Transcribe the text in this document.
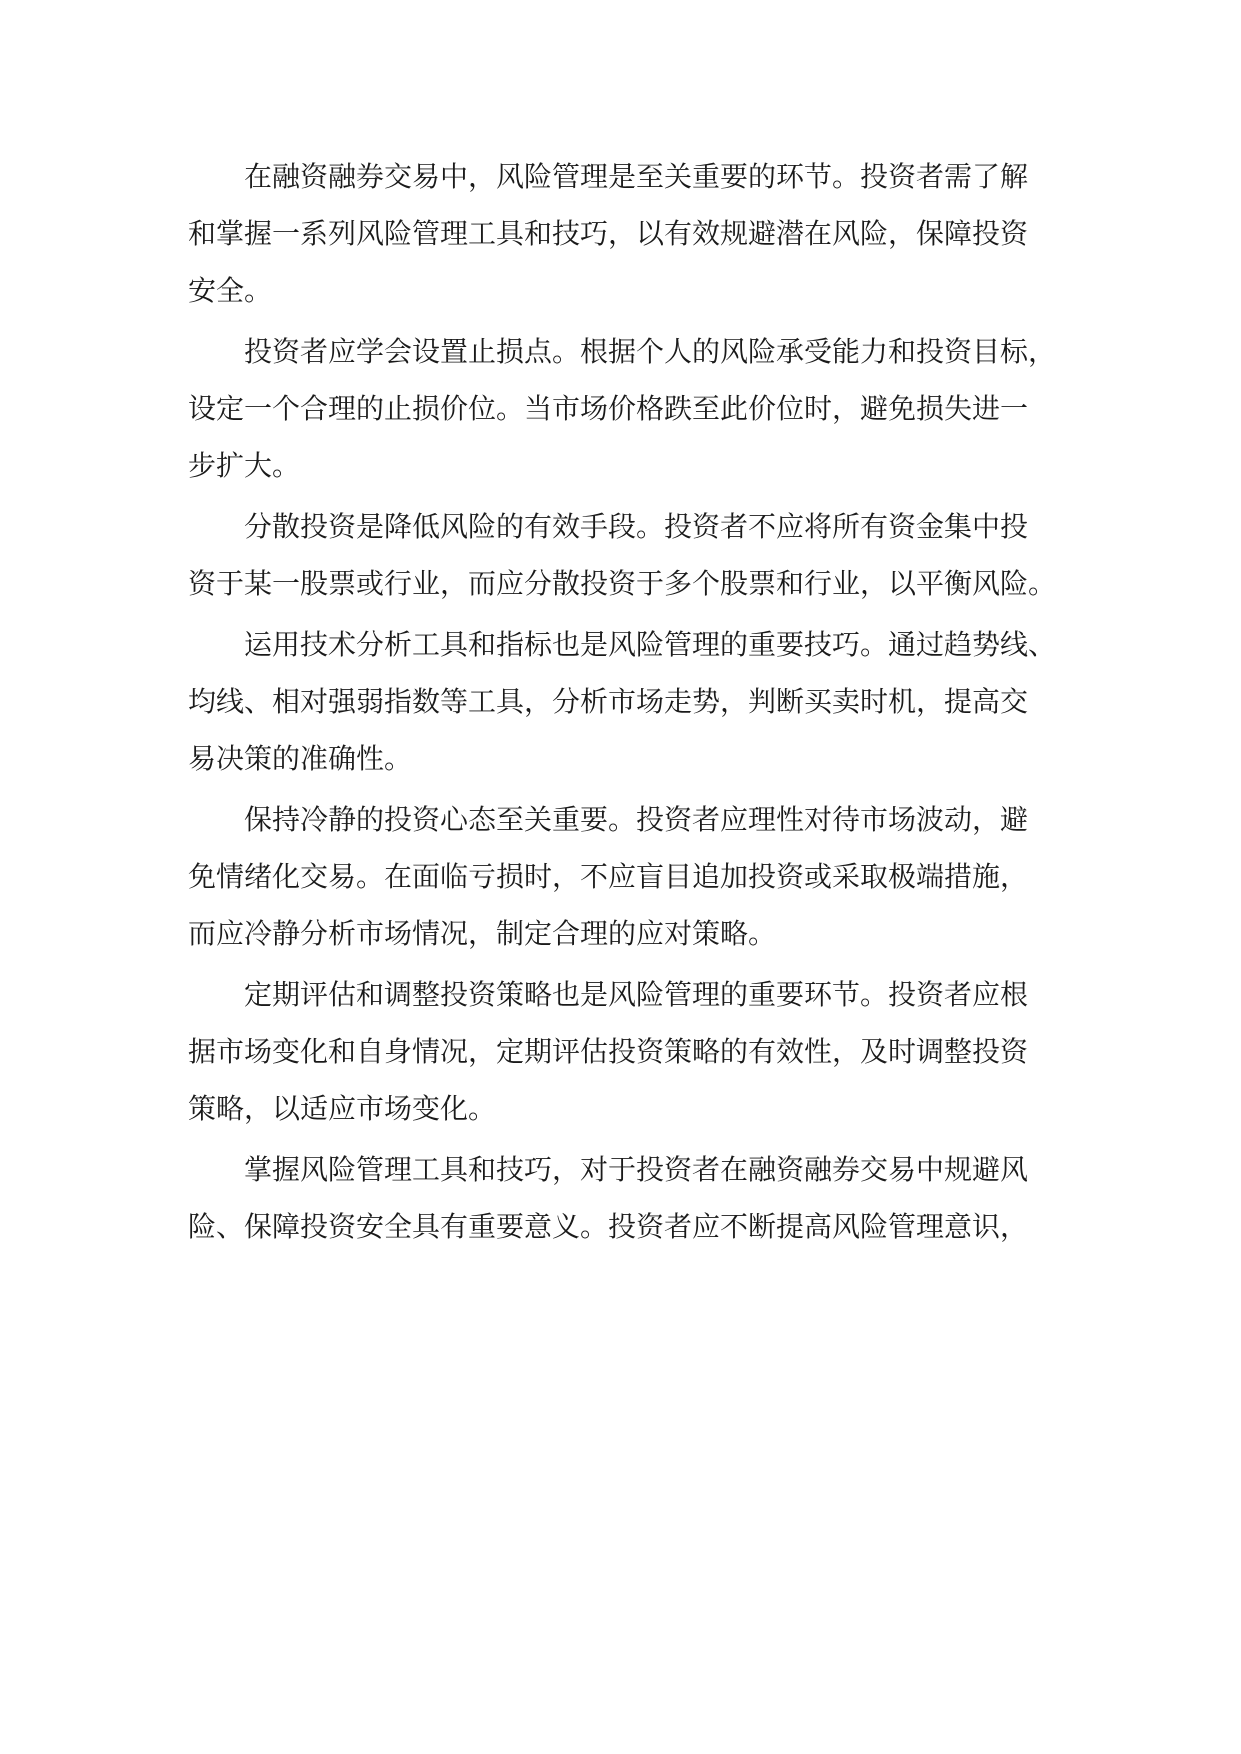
在融资融券交易中，风险管理是至关重要的环节。投资者需了解
和掌握一系列风险管理工具和技巧，以有效规避潜在风险，保障投资
安全。

投资者应学会设置止损点。根据个人的风险承受能力和投资目标，
设定一个合理的止损价位。当市场价格跌至此价位时，避免损失进一
步扩大。

分散投资是降低风险的有效手段。投资者不应将所有资金集中投
资于某一股票或行业，而应分散投资于多个股票和行业，以平衡风险。

运用技术分析工具和指标也是风险管理的重要技巧。通过趋势线、
均线、相对强弱指数等工具，分析市场走势，判断买卖时机，提高交
易决策的准确性。

保持冷静的投资心态至关重要。投资者应理性对待市场波动，避
免情绪化交易。在面临亏损时，不应盲目追加投资或采取极端措施，
而应冷静分析市场情况，制定合理的应对策略。

定期评估和调整投资策略也是风险管理的重要环节。投资者应根
据市场变化和自身情况，定期评估投资策略的有效性，及时调整投资
策略，以适应市场变化。

掌握风险管理工具和技巧，对于投资者在融资融券交易中规避风
险、保障投资安全具有重要意义。投资者应不断提高风险管理意识，
